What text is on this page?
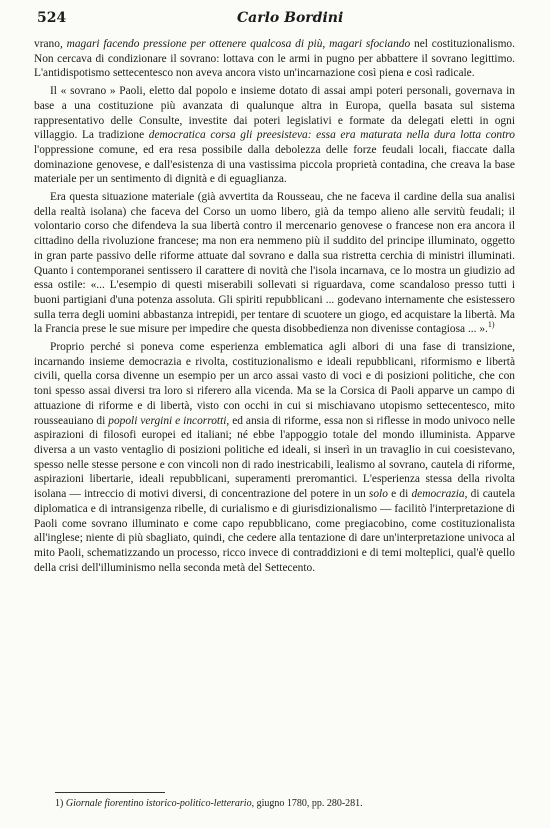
524	Carlo Bordini

vrano, magari facendo pressione per ottenere qualcosa di più, magari sfociando nel costituzionalismo. Non cercava di condizionare il sovrano: lottava con le armi in pugno per abbattere il sovrano legittimo. L'antidispotismo settecentesco non aveva ancora visto un'incarnazione così piena e così radicale.

Il « sovrano » Paoli, eletto dal popolo e insieme dotato di assai ampi poteri personali, governava in base a una costituzione più avanzata di qualunque altra in Europa, quella basata sul sistema rappresentativo delle Consulte, investite dai poteri legislativi e formate da delegati eletti in ogni villaggio. La tradizione democratica corsa gli preesisteva: essa era maturata nella dura lotta contro l'oppressione comune, ed era resa possibile dalla debolezza delle forze feudali locali, fiaccate dalla dominazione genovese, e dall'esistenza di una vastissima piccola proprietà contadina, che creava la base materiale per un sentimento di dignità e di eguaglianza.

Era questa situazione materiale (già avvertita da Rousseau, che ne faceva il cardine della sua analisi della realtà isolana) che faceva del Corso un uomo libero, già da tempo alieno alle servitù feudali; il volontario corso che difendeva la sua libertà contro il mercenario genovese o francese non era ancora il cittadino della rivoluzione francese; ma non era nemmeno più il suddito del principe illuminato, oggetto in gran parte passivo delle riforme attuate dal sovrano e dalla sua ristretta cerchia di ministri illuminati. Quanto i contemporanei sentissero il carattere di novità che l'isola incarnava, ce lo mostra un giudizio ad essa ostile: «... L'esempio di questi miserabili sollevati si riguardava, come scandaloso presso tutti i buoni partigiani d'una potenza assoluta. Gli spiriti repubblicani ... godevano internamente che esistessero sulla terra degli uomini abbastanza intrepidi, per tentare di scuotere un giogo, ed acquistare la libertà. Ma la Francia prese le sue misure per impedire che questa disobbedienza non divenisse contagiosa ... ».$^{1)}$

Proprio perché si poneva come esperienza emblematica agli albori di una fase di transizione, incarnando insieme democrazia e rivolta, costituzionalismo e ideali repubblicani, riformismo e libertà civili, quella corsa divenne un esempio per un arco assai vasto di voci e di posizioni politiche, che con toni spesso assai diversi tra loro si riferero alla vicenda. Ma se la Corsica di Paoli apparve un campo di attuazione di riforme e di libertà, visto con occhi in cui si mischiavano utopismo settecentesco, mito rousseauiano di popoli vergini e incorrotti, ed ansia di riforme, essa non si riflesse in modo univoco nelle aspirazioni di filosofi europei ed italiani; né ebbe l'appoggio totale del mondo illuminista. Apparve diversa a un vasto ventaglio di posizioni politiche ed ideali, si inserì in un travaglio in cui coesistevano, spesso nelle stesse persone e con vincoli non di rado inestricabili, lealismo al sovrano, cautela di riforme, aspirazioni libertarie, ideali repubblicani, superamenti preromantici. L'esperienza stessa della rivolta isolana — intreccio di motivi diversi, di concentrazione del potere in un solo e di democrazia, di cautela diplomatica e di intransigenza ribelle, di curialismo e di giurisdizionalismo — facilitò l'interpretazione di Paoli come sovrano illuminato e come capo repubblicano, come pregiacobino, come costituzionalista all'inglese; niente di più sbagliato, quindi, che cedere alla tentazione di dare un'interpretazione univoca al mito Paoli, schematizzando un processo, ricco invece di contraddizioni e di temi molteplici, qual'è quello della crisi dell'illuminismo nella seconda metà del Settecento.

1) Giornale fiorentino istorico-politico-letterario, giugno 1780, pp. 280-281.
